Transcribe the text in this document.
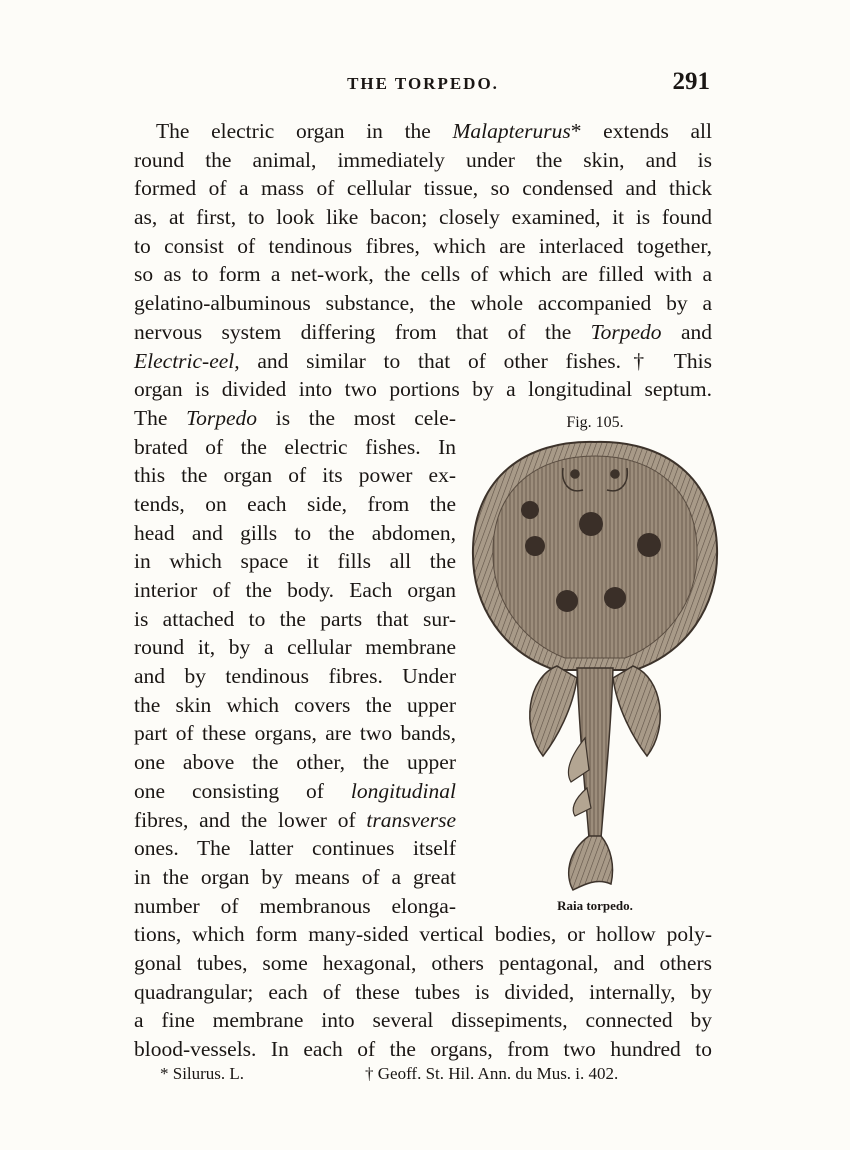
THE TORPEDO.	291
The electric organ in the Malapterurus* extends all
round the animal, immediately under the skin, and is
formed of a mass of cellular tissue, so condensed and thick
as, at first, to look like bacon; closely examined, it is found
to consist of tendinous fibres, which are interlaced together,
so as to form a net-work, the cells of which are filled with a
gelatino-albuminous substance, the whole accompanied by a
nervous system differing from that of the Torpedo and
Electric-eel, and similar to that of other fishes.† This
organ is divided into two portions by a longitudinal septum.
The Torpedo is the most cele-
brated of the electric fishes. In
this the organ of its power ex-
tends, on each side, from the
head and gills to the abdomen,
in which space it fills all the
interior of the body. Each organ
is attached to the parts that sur-
round it, by a cellular membrane
and by tendinous fibres. Under
the skin which covers the upper
part of these organs, are two bands,
one above the other, the upper
one consisting of longitudinal
fibres, and the lower of transverse
ones. The latter continues itself
in the organ by means of a great
number of membranous elonga-
tions, which form many-sided vertical bodies, or hollow poly-
gonal tubes, some hexagonal, others pentagonal, and others
quadrangular; each of these tubes is divided, internally, by
a fine membrane into several dissepiments, connected by
blood-vessels. In each of the organs, from two hundred to
Fig. 105.
Raia torpedo.
* Silurus. L.	† Geoff. St. Hil. Ann. du Mus. i. 402.
